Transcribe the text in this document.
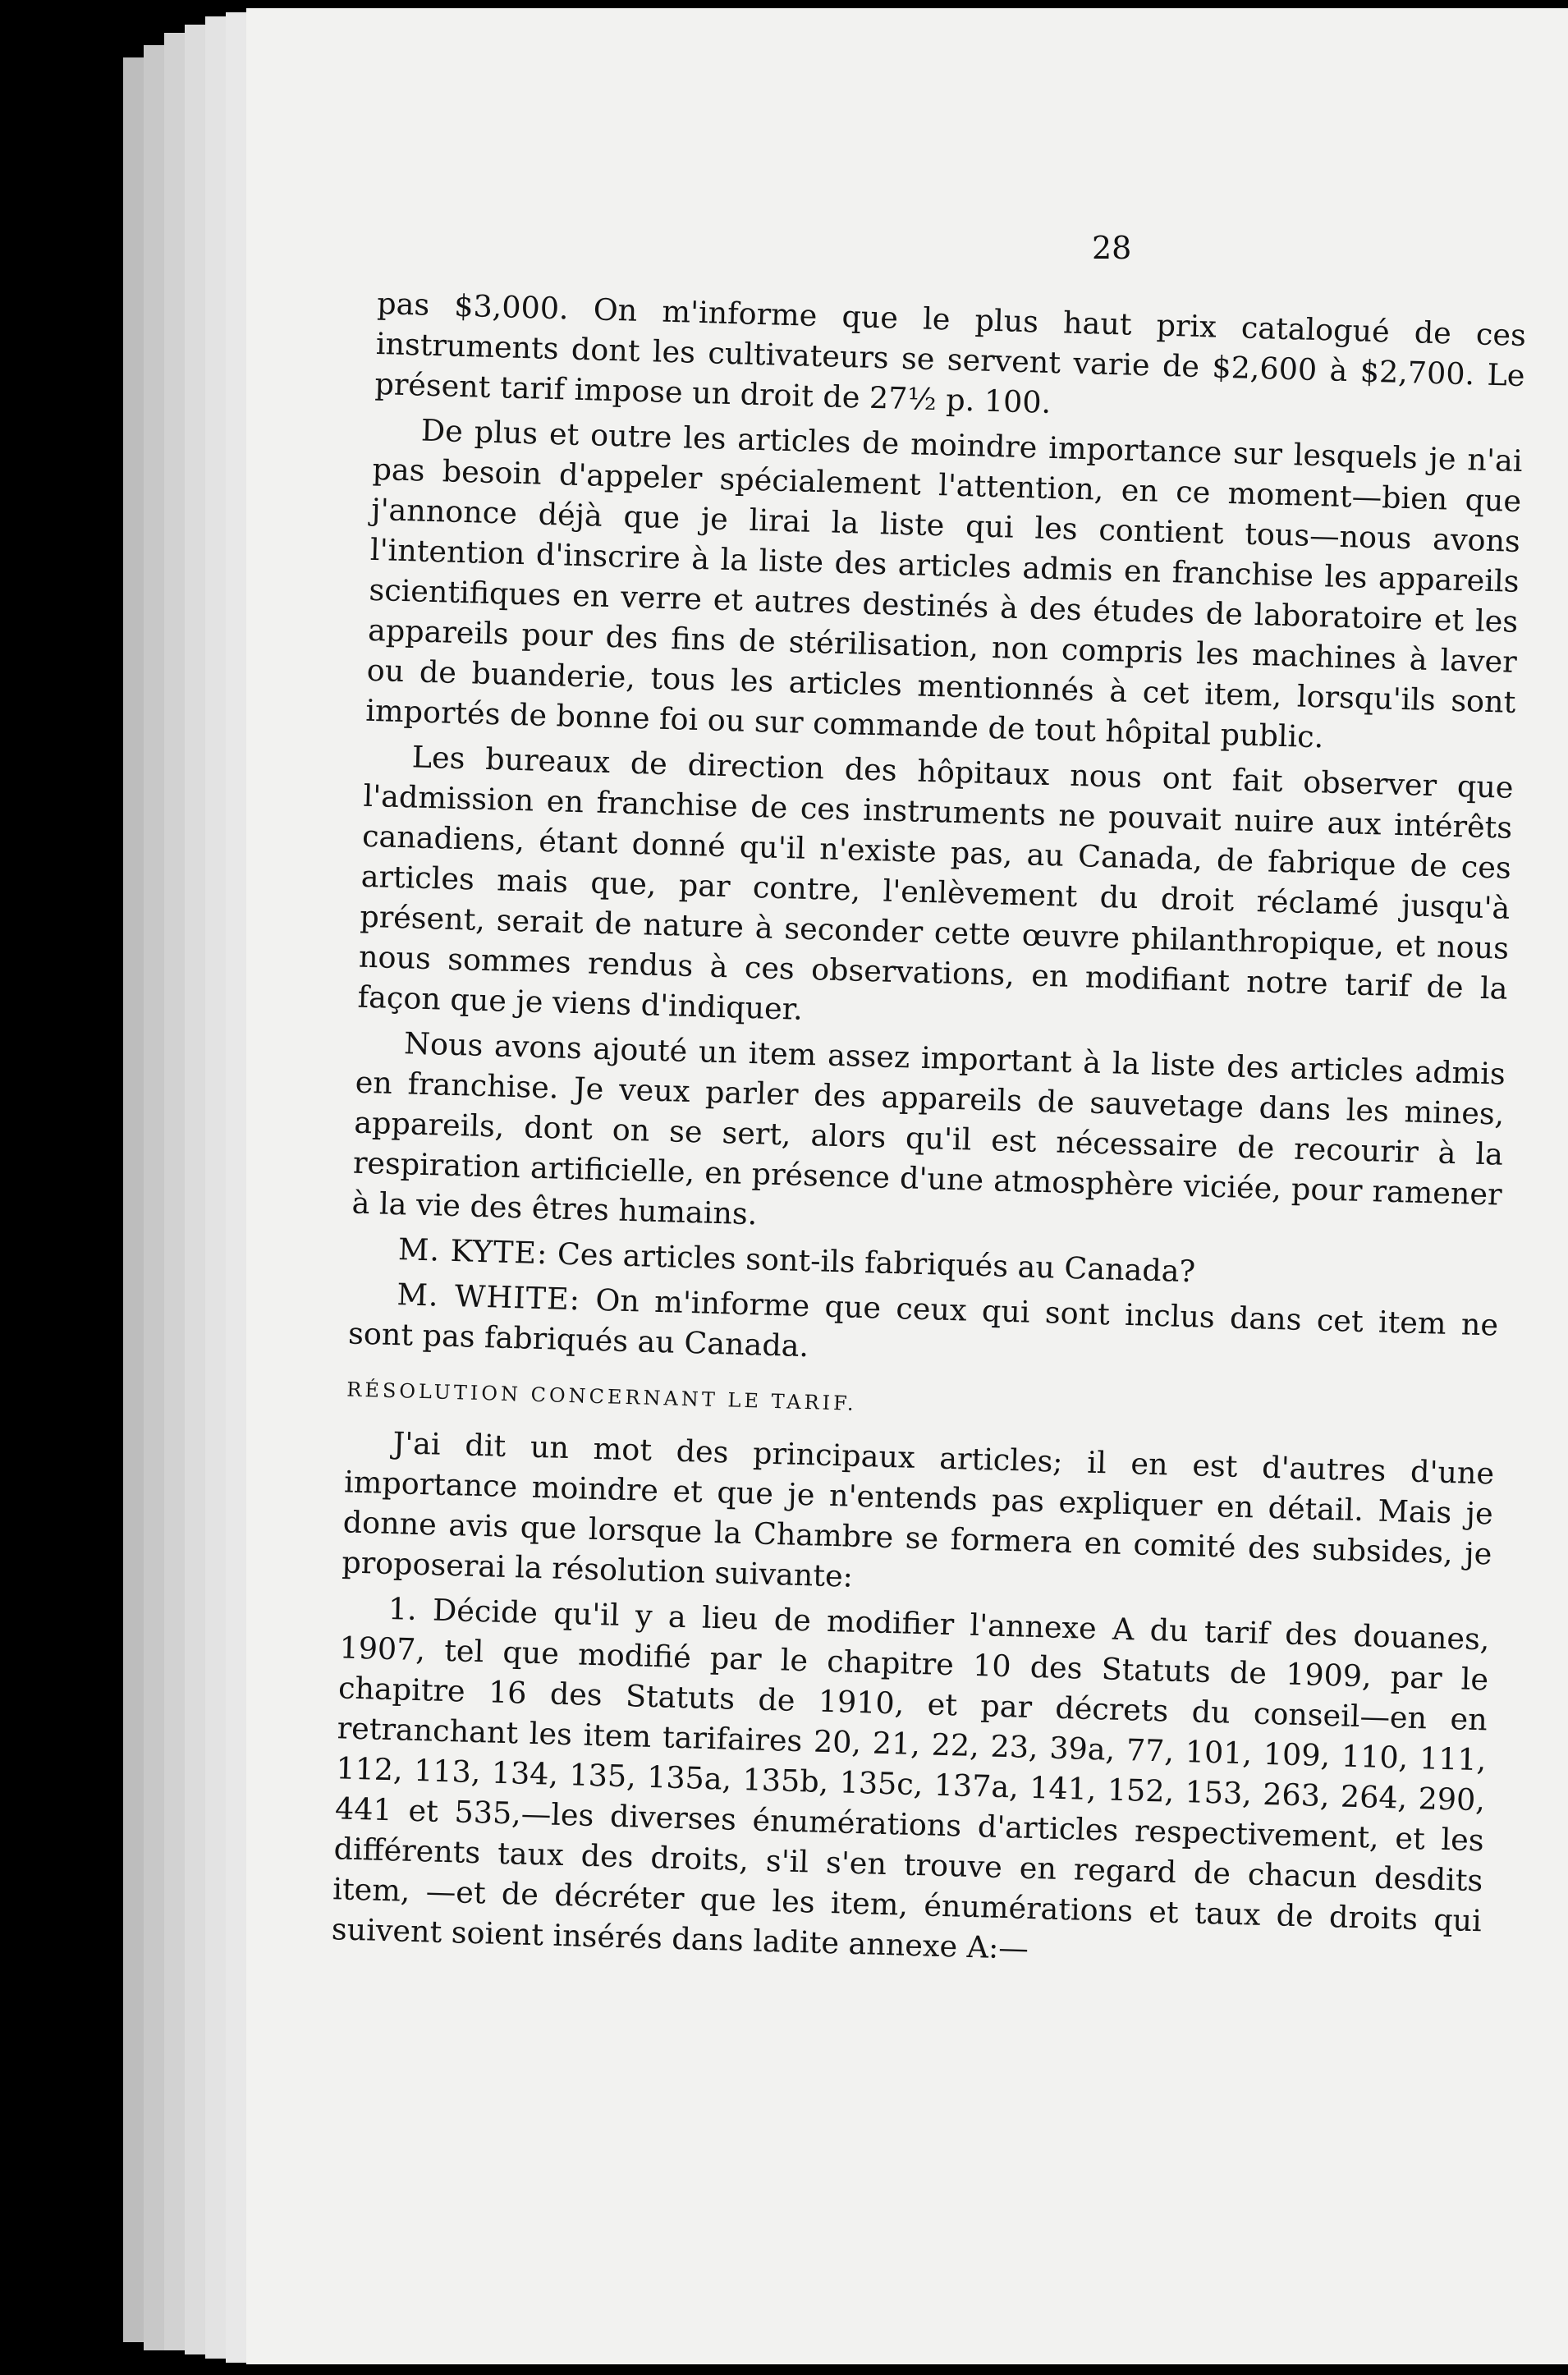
28

pas $3,000. On m'informe que le plus haut prix catalogué de ces instruments dont les cultivateurs se servent varie de $2,600 à $2,700. Le présent tarif impose un droit de 27½ p. 100.

De plus et outre les articles de moindre importance sur lesquels je n'ai pas besoin d'appeler spécialement l'attention, en ce moment—bien que j'annonce déjà que je lirai la liste qui les contient tous—nous avons l'intention d'inscrire à la liste des articles admis en franchise les appareils scientifiques en verre et autres destinés à des études de laboratoire et les appareils pour des fins de stérilisation, non compris les machines à laver ou de buanderie, tous les articles mentionnés à cet item, lorsqu'ils sont importés de bonne foi ou sur commande de tout hôpital public.

Les bureaux de direction des hôpitaux nous ont fait observer que l'admission en franchise de ces instruments ne pouvait nuire aux intérêts canadiens, étant donné qu'il n'existe pas, au Canada, de fabrique de ces articles mais que, par contre, l'enlèvement du droit réclamé jusqu'à présent, serait de nature à seconder cette œuvre philanthropique, et nous nous sommes rendus à ces observations, en modifiant notre tarif de la façon que je viens d'indiquer.

Nous avons ajouté un item assez important à la liste des articles admis en franchise. Je veux parler des appareils de sauvetage dans les mines, appareils, dont on se sert, alors qu'il est nécessaire de recourir à la respiration artificielle, en présence d'une atmosphère viciée, pour ramener à la vie des êtres humains.

M. KYTE: Ces articles sont-ils fabriqués au Canada?

M. WHITE: On m'informe que ceux qui sont inclus dans cet item ne sont pas fabriqués au Canada.

RÉSOLUTION CONCERNANT LE TARIF.

J'ai dit un mot des principaux articles; il en est d'autres d'une importance moindre et que je n'entends pas expliquer en détail. Mais je donne avis que lorsque la Chambre se formera en comité des subsides, je proposerai la résolution suivante:

1. Décide qu'il y a lieu de modifier l'annexe A du tarif des douanes, 1907, tel que modifié par le chapitre 10 des Statuts de 1909, par le chapitre 16 des Statuts de 1910, et par décrets du conseil—en en retranchant les item tarifaires 20, 21, 22, 23, 39a, 77, 101, 109, 110, 111, 112, 113, 134, 135, 135a, 135b, 135c, 137a, 141, 152, 153, 263, 264, 290, 441 et 535,—les diverses énumérations d'articles respectivement, et les différents taux des droits, s'il s'en trouve en regard de chacun desdits item, —et de décréter que les item, énumérations et taux de droits qui suivent soient insérés dans ladite annexe A:—
